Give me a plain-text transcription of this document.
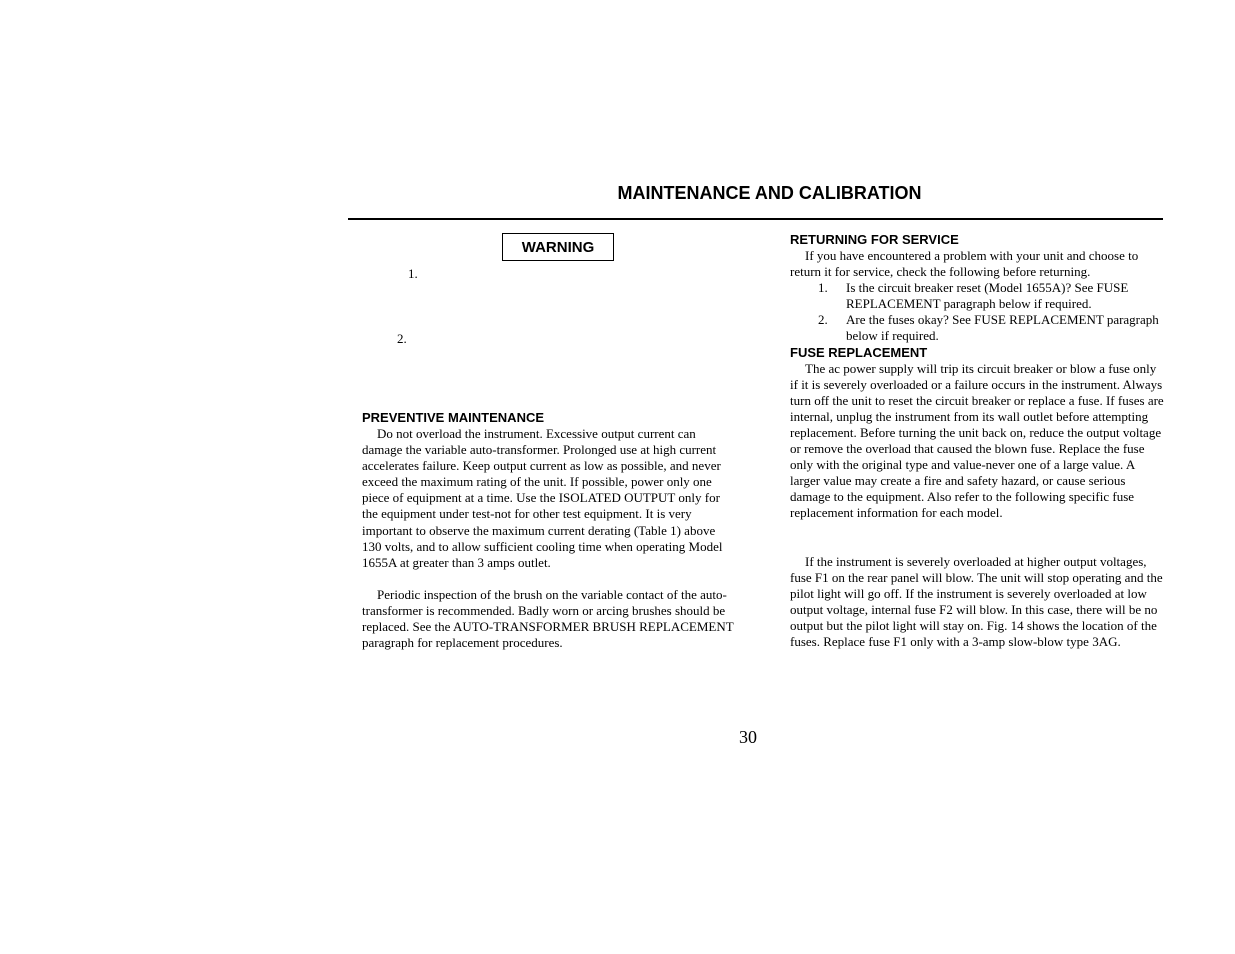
MAINTENANCE AND CALIBRATION
WARNING
1.
2.
PREVENTIVE MAINTENANCE

Do not overload the instrument. Excessive output current can damage the variable auto-transformer. Prolonged use at high current accelerates failure. Keep output current as low as possible, and never exceed the maximum rating of the unit. If possible, power only one piece of equipment at a time. Use the ISOLATED OUTPUT only for the equipment under test-not for other test equipment. It is very important to observe the maximum current derating (Table 1) above 130 volts, and to allow sufficient cooling time when operating Model 1655A at greater than 3 amps outlet.

Periodic inspection of the brush on the variable contact of the auto-transformer is recommended. Badly worn or arcing brushes should be replaced. See the AUTO-TRANSFORMER BRUSH REPLACEMENT paragraph for replacement procedures.

RETURNING FOR SERVICE

If you have encountered a problem with your unit and choose to return it for service, check the following before returning.

1. Is the circuit breaker reset (Model 1655A)? See FUSE REPLACEMENT paragraph below if required.
2. Are the fuses okay? See FUSE REPLACEMENT paragraph below if required.
FUSE REPLACEMENT

The ac power supply will trip its circuit breaker or blow a fuse only if it is severely overloaded or a failure occurs in the instrument. Always turn off the unit to reset the circuit breaker or replace a fuse. If fuses are internal, unplug the instrument from its wall outlet before attempting replacement. Before turning the unit back on, reduce the output voltage or remove the overload that caused the blown fuse. Replace the fuse only with the original type and value-never one of a large value. A larger value may create a fire and safety hazard, or cause serious damage to the equipment. Also refer to the following specific fuse replacement information for each model.

If the instrument is severely overloaded at higher output voltages, fuse F1 on the rear panel will blow. The unit will stop operating and the pilot light will go off. If the instrument is severely overloaded at low output voltage, internal fuse F2 will blow. In this case, there will be no output but the pilot light will stay on. Fig. 14 shows the location of the fuses. Replace fuse F1 only with a 3-amp slow-blow type 3AG.

30
